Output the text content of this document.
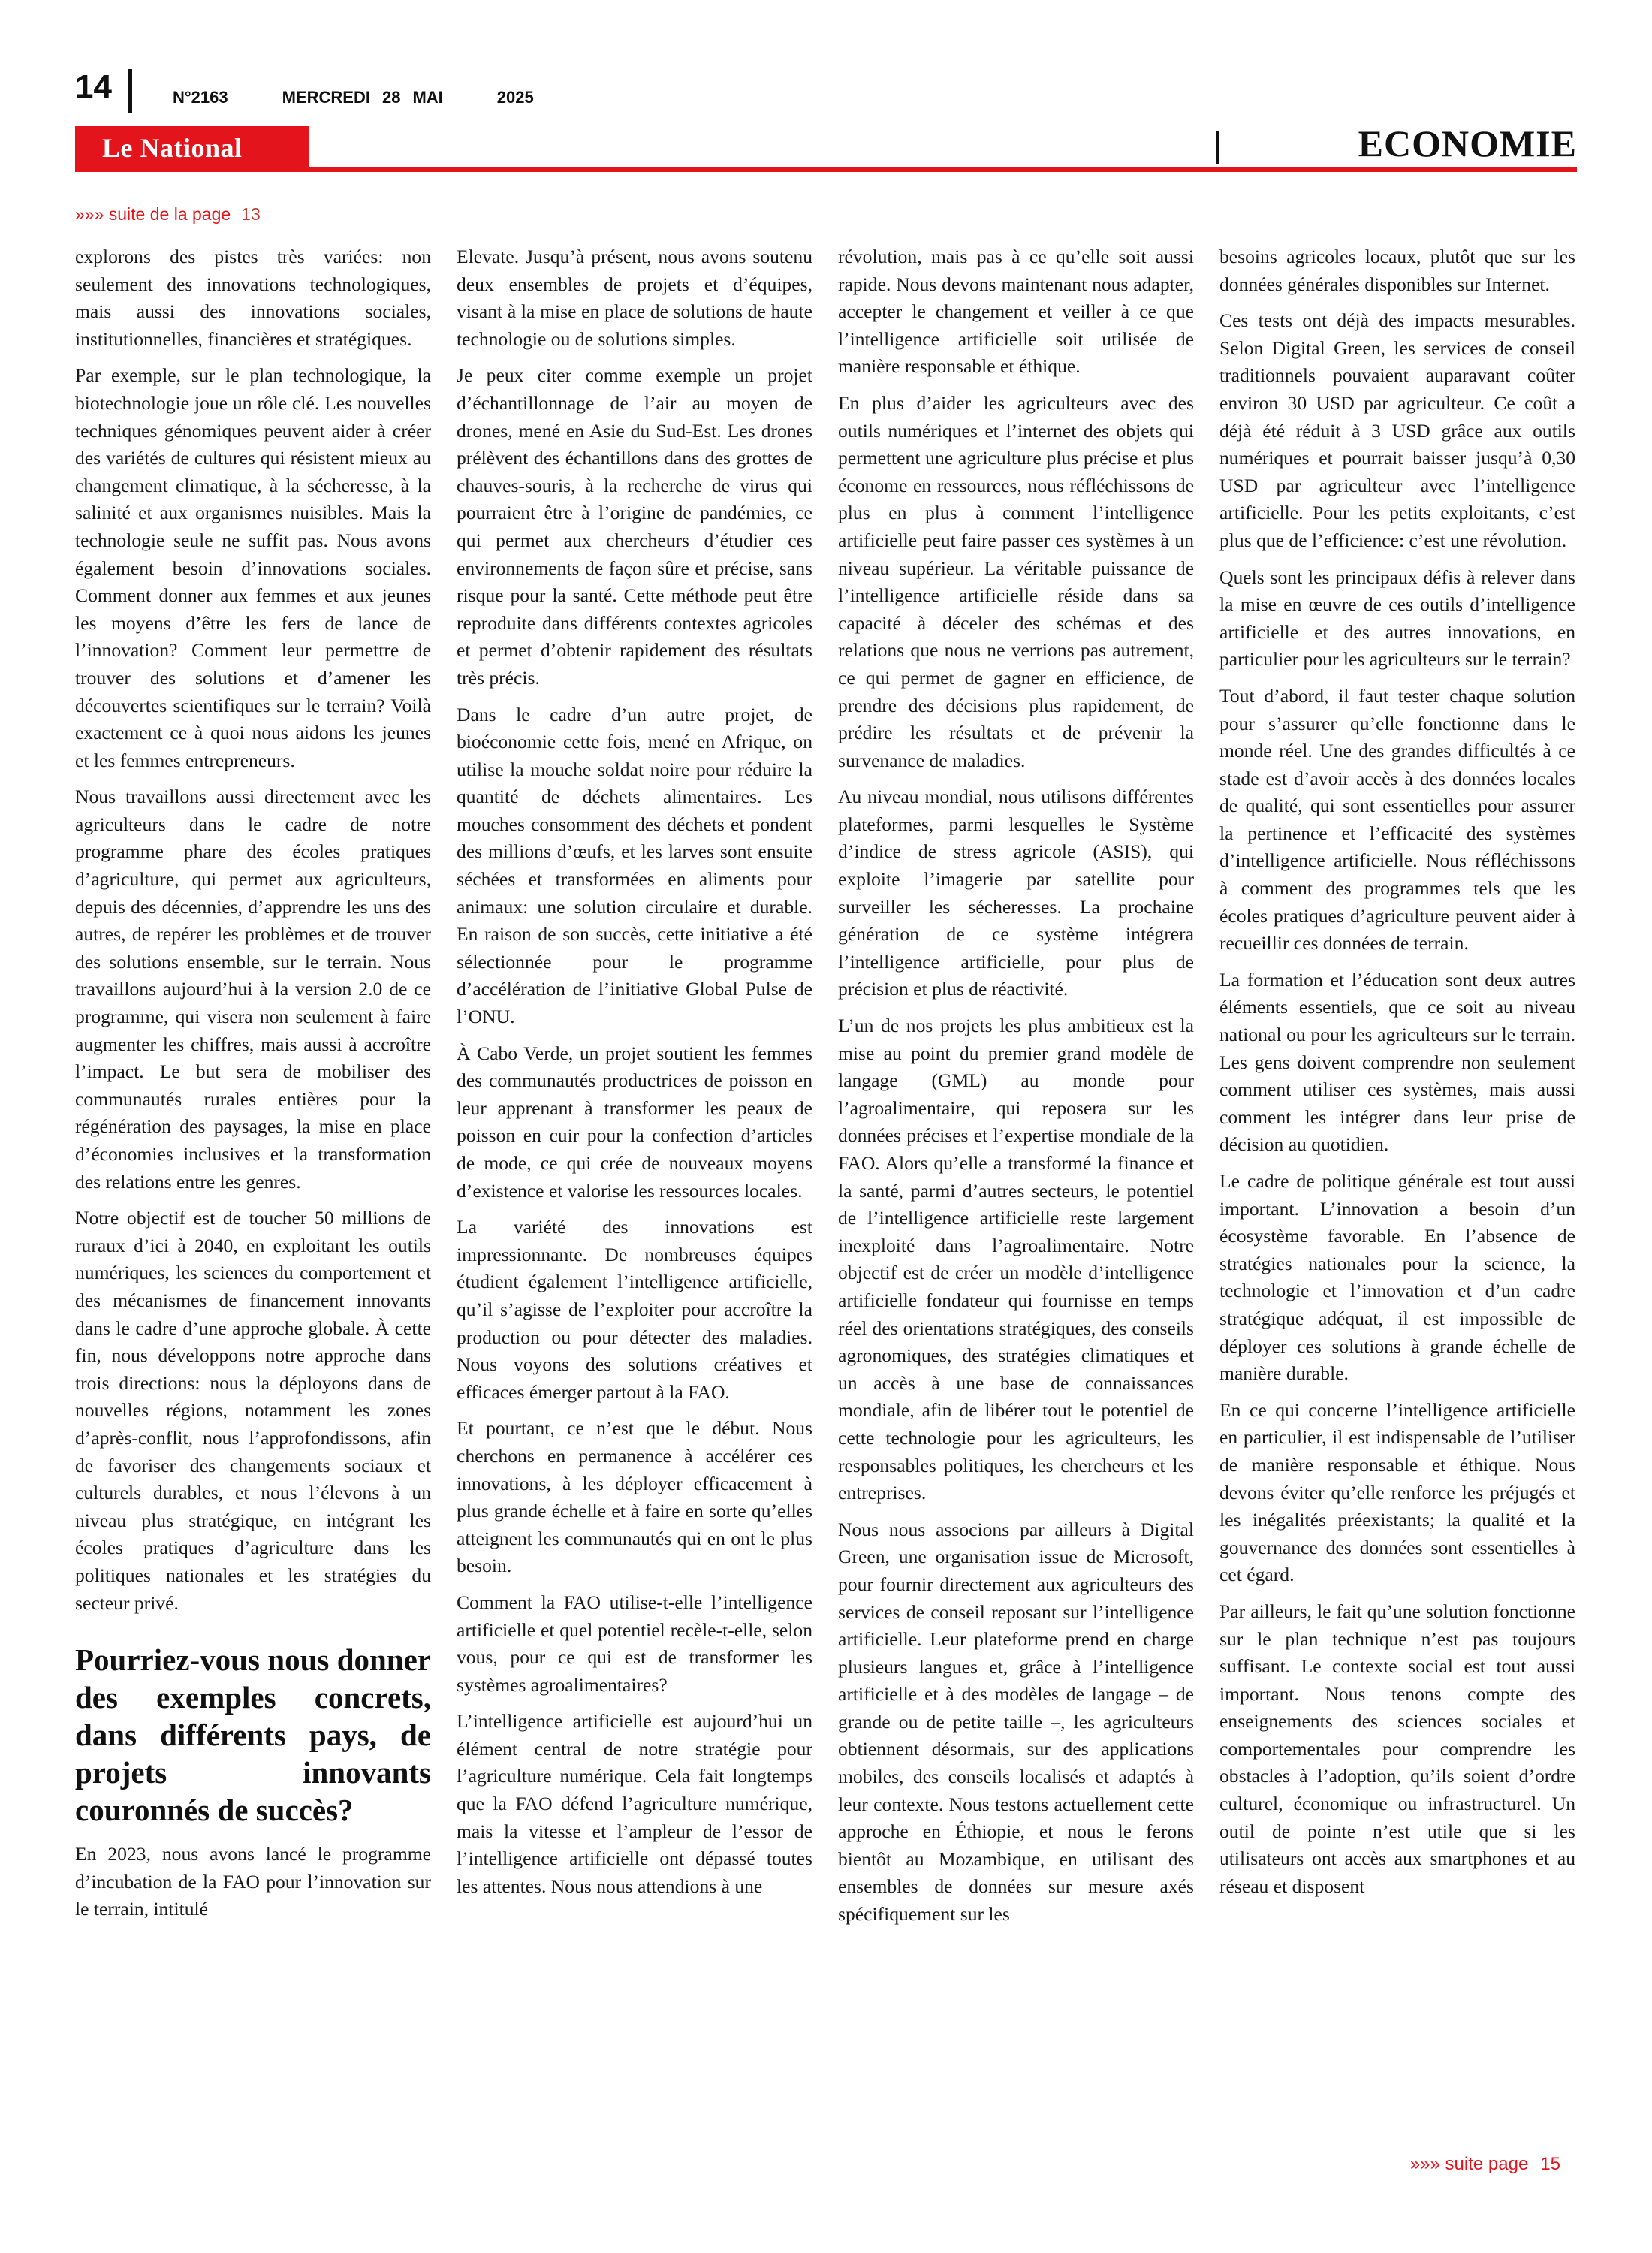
14	N°2163	MERCREDI 28 MAI	2025
Le National	ECONOMIE
»»» suite de la page 13

explorons des pistes très variées: non seulement des innovations technologiques, mais aussi des innovations sociales, institutionnelles, financières et stratégiques.

Par exemple, sur le plan technologique, la biotechnologie joue un rôle clé. Les nouvelles techniques génomiques peuvent aider à créer des variétés de cultures qui résistent mieux au changement climatique, à la sécheresse, à la salinité et aux organismes nuisibles. Mais la technologie seule ne suffit pas. Nous avons également besoin d’innovations sociales. Comment donner aux femmes et aux jeunes les moyens d’être les fers de lance de l’innovation? Comment leur permettre de trouver des solutions et d’amener les découvertes scientifiques sur le terrain? Voilà exactement ce à quoi nous aidons les jeunes et les femmes entrepreneurs.

Nous travaillons aussi directement avec les agriculteurs dans le cadre de notre programme phare des écoles pratiques d’agriculture, qui permet aux agriculteurs, depuis des décennies, d’apprendre les uns des autres, de repérer les problèmes et de trouver des solutions ensemble, sur le terrain. Nous travaillons aujourd’hui à la version 2.0 de ce programme, qui visera non seulement à faire augmenter les chiffres, mais aussi à accroître l’impact. Le but sera de mobiliser des communautés rurales entières pour la régénération des paysages, la mise en place d’économies inclusives et la transformation des relations entre les genres.

Notre objectif est de toucher 50 millions de ruraux d’ici à 2040, en exploitant les outils numériques, les sciences du comportement et des mécanismes de financement innovants dans le cadre d’une approche globale. À cette fin, nous développons notre approche dans trois directions: nous la déployons dans de nouvelles régions, notamment les zones d’après-conflit, nous l’approfondissons, afin de favoriser des changements sociaux et culturels durables, et nous l’élevons à un niveau plus stratégique, en intégrant les écoles pratiques d’agriculture dans les politiques nationales et les stratégies du secteur privé.

Pourriez-vous nous donner des exemples concrets, dans différents pays, de projets innovants couronnés de succès?

En 2023, nous avons lancé le programme d’incubation de la FAO pour l’innovation sur le terrain, intitulé

Elevate. Jusqu’à présent, nous avons soutenu deux ensembles de projets et d’équipes, visant à la mise en place de solutions de haute technologie ou de solutions simples.

Je peux citer comme exemple un projet d’échantillonnage de l’air au moyen de drones, mené en Asie du Sud-Est. Les drones prélèvent des échantillons dans des grottes de chauves-souris, à la recherche de virus qui pourraient être à l’origine de pandémies, ce qui permet aux chercheurs d’étudier ces environnements de façon sûre et précise, sans risque pour la santé. Cette méthode peut être reproduite dans différents contextes agricoles et permet d’obtenir rapidement des résultats très précis.

Dans le cadre d’un autre projet, de bioéconomie cette fois, mené en Afrique, on utilise la mouche soldat noire pour réduire la quantité de déchets alimentaires. Les mouches consomment des déchets et pondent des millions d’œufs, et les larves sont ensuite séchées et transformées en aliments pour animaux: une solution circulaire et durable. En raison de son succès, cette initiative a été sélectionnée pour le programme d’accélération de l’initiative Global Pulse de l’ONU.

À Cabo Verde, un projet soutient les femmes des communautés productrices de poisson en leur apprenant à transformer les peaux de poisson en cuir pour la confection d’articles de mode, ce qui crée de nouveaux moyens d’existence et valorise les ressources locales.

La variété des innovations est impressionnante. De nombreuses équipes étudient également l’intelligence artificielle, qu’il s’agisse de l’exploiter pour accroître la production ou pour détecter des maladies. Nous voyons des solutions créatives et efficaces émerger partout à la FAO.

Et pourtant, ce n’est que le début. Nous cherchons en permanence à accélérer ces innovations, à les déployer efficacement à plus grande échelle et à faire en sorte qu’elles atteignent les communautés qui en ont le plus besoin.

Comment la FAO utilise-t-elle l’intelligence artificielle et quel potentiel recèle-t-elle, selon vous, pour ce qui est de transformer les systèmes agroalimentaires?

L’intelligence artificielle est aujourd’hui un élément central de notre stratégie pour l’agriculture numérique. Cela fait longtemps que la FAO défend l’agriculture numérique, mais la vitesse et l’ampleur de l’essor de l’intelligence artificielle ont dépassé toutes les attentes. Nous nous attendions à une

révolution, mais pas à ce qu’elle soit aussi rapide. Nous devons maintenant nous adapter, accepter le changement et veiller à ce que l’intelligence artificielle soit utilisée de manière responsable et éthique.

En plus d’aider les agriculteurs avec des outils numériques et l’internet des objets qui permettent une agriculture plus précise et plus économe en ressources, nous réfléchissons de plus en plus à comment l’intelligence artificielle peut faire passer ces systèmes à un niveau supérieur. La véritable puissance de l’intelligence artificielle réside dans sa capacité à déceler des schémas et des relations que nous ne verrions pas autrement, ce qui permet de gagner en efficience, de prendre des décisions plus rapidement, de prédire les résultats et de prévenir la survenance de maladies.

Au niveau mondial, nous utilisons différentes plateformes, parmi lesquelles le Système d’indice de stress agricole (ASIS), qui exploite l’imagerie par satellite pour surveiller les sécheresses. La prochaine génération de ce système intégrera l’intelligence artificielle, pour plus de précision et plus de réactivité.

L’un de nos projets les plus ambitieux est la mise au point du premier grand modèle de langage (GML) au monde pour l’agroalimentaire, qui reposera sur les données précises et l’expertise mondiale de la FAO. Alors qu’elle a transformé la finance et la santé, parmi d’autres secteurs, le potentiel de l’intelligence artificielle reste largement inexploité dans l’agroalimentaire. Notre objectif est de créer un modèle d’intelligence artificielle fondateur qui fournisse en temps réel des orientations stratégiques, des conseils agronomiques, des stratégies climatiques et un accès à une base de connaissances mondiale, afin de libérer tout le potentiel de cette technologie pour les agriculteurs, les responsables politiques, les chercheurs et les entreprises.

Nous nous associons par ailleurs à Digital Green, une organisation issue de Microsoft, pour fournir directement aux agriculteurs des services de conseil reposant sur l’intelligence artificielle. Leur plateforme prend en charge plusieurs langues et, grâce à l’intelligence artificielle et à des modèles de langage – de grande ou de petite taille –, les agriculteurs obtiennent désormais, sur des applications mobiles, des conseils localisés et adaptés à leur contexte. Nous testons actuellement cette approche en Éthiopie, et nous le ferons bientôt au Mozambique, en utilisant des ensembles de données sur mesure axés spécifiquement sur les

besoins agricoles locaux, plutôt que sur les données générales disponibles sur Internet.

Ces tests ont déjà des impacts mesurables. Selon Digital Green, les services de conseil traditionnels pouvaient auparavant coûter environ 30 USD par agriculteur. Ce coût a déjà été réduit à 3 USD grâce aux outils numériques et pourrait baisser jusqu’à 0,30 USD par agriculteur avec l’intelligence artificielle. Pour les petits exploitants, c’est plus que de l’efficience: c’est une révolution.

Quels sont les principaux défis à relever dans la mise en œuvre de ces outils d’intelligence artificielle et des autres innovations, en particulier pour les agriculteurs sur le terrain?

Tout d’abord, il faut tester chaque solution pour s’assurer qu’elle fonctionne dans le monde réel. Une des grandes difficultés à ce stade est d’avoir accès à des données locales de qualité, qui sont essentielles pour assurer la pertinence et l’efficacité des systèmes d’intelligence artificielle. Nous réfléchissons à comment des programmes tels que les écoles pratiques d’agriculture peuvent aider à recueillir ces données de terrain.

La formation et l’éducation sont deux autres éléments essentiels, que ce soit au niveau national ou pour les agriculteurs sur le terrain. Les gens doivent comprendre non seulement comment utiliser ces systèmes, mais aussi comment les intégrer dans leur prise de décision au quotidien.

Le cadre de politique générale est tout aussi important. L’innovation a besoin d’un écosystème favorable. En l’absence de stratégies nationales pour la science, la technologie et l’innovation et d’un cadre stratégique adéquat, il est impossible de déployer ces solutions à grande échelle de manière durable.

En ce qui concerne l’intelligence artificielle en particulier, il est indispensable de l’utiliser de manière responsable et éthique. Nous devons éviter qu’elle renforce les préjugés et les inégalités préexistants; la qualité et la gouvernance des données sont essentielles à cet égard.

Par ailleurs, le fait qu’une solution fonctionne sur le plan technique n’est pas toujours suffisant. Le contexte social est tout aussi important. Nous tenons compte des enseignements des sciences sociales et comportementales pour comprendre les obstacles à l’adoption, qu’ils soient d’ordre culturel, économique ou infrastructurel. Un outil de pointe n’est utile que si les utilisateurs ont accès aux smartphones et au réseau et disposent

»»» suite page 15
